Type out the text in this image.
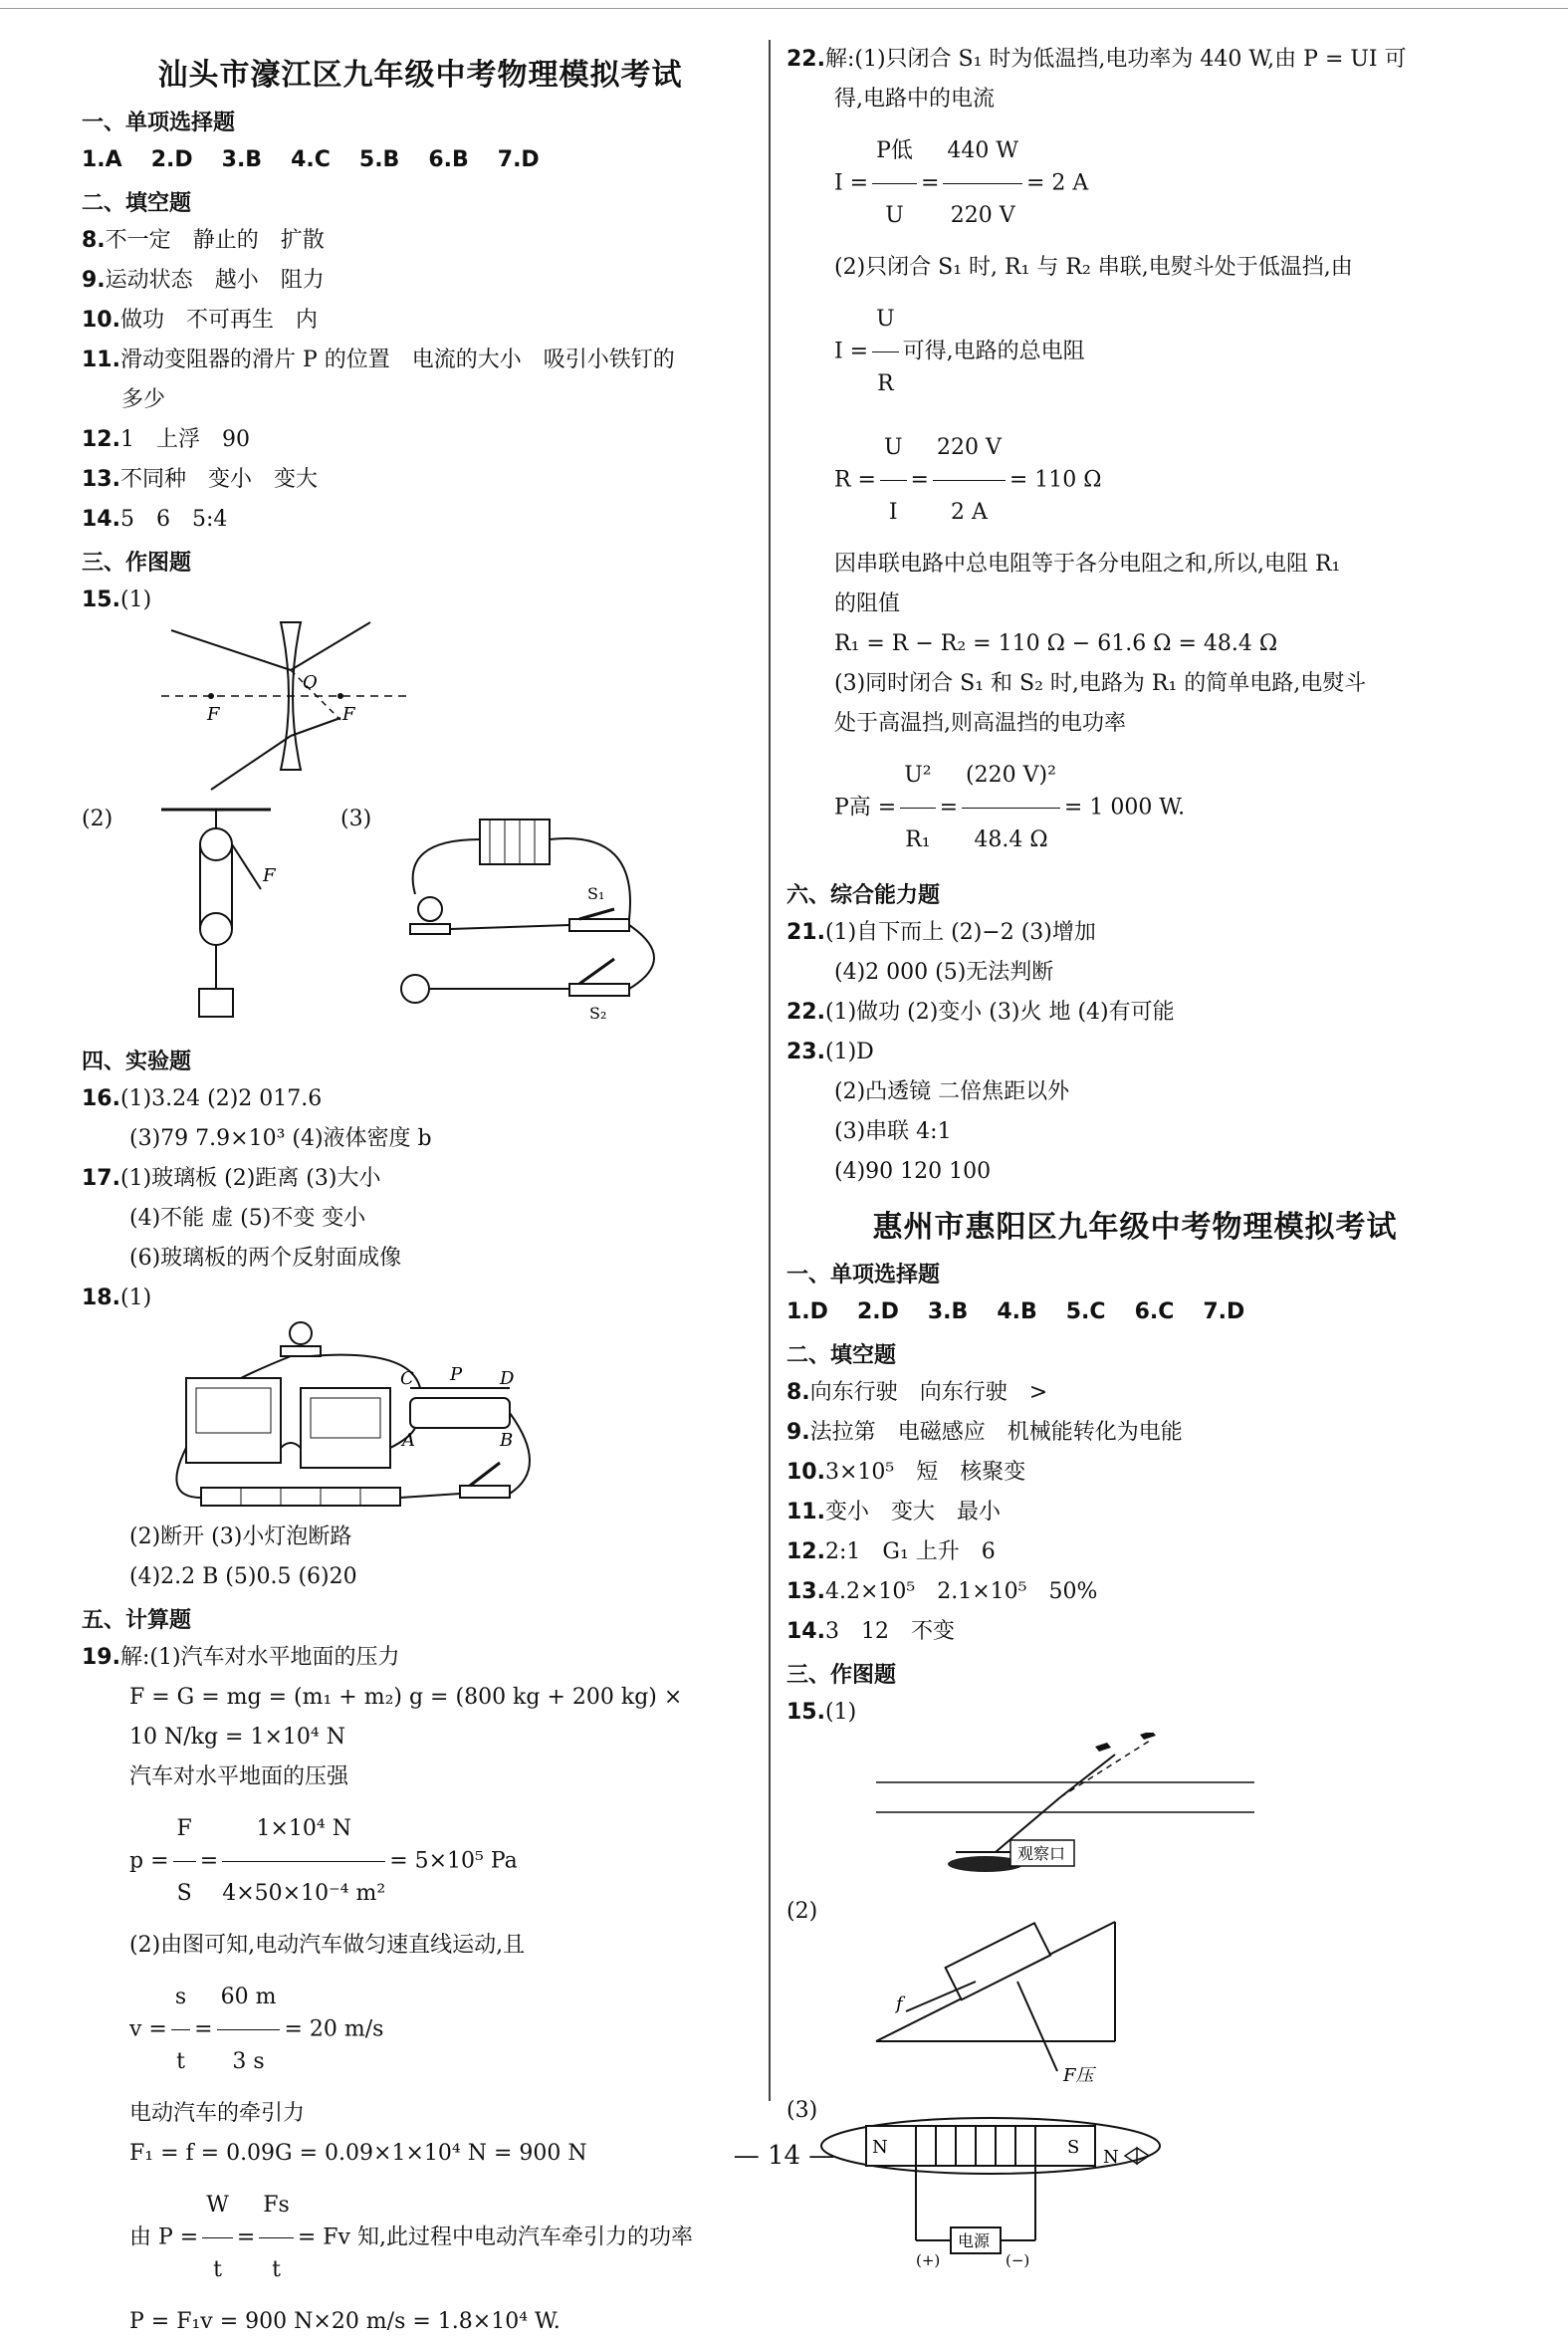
汕头市濠江区九年级中考物理模拟考试
一、单项选择题
1.A 2.D 3.B 4.C 5.B 6.B 7.D
二、填空题
8.不一定 静止的 扩散
9.运动状态 越小 阻力
10.做功 不可再生 内
11.滑动变阻器的滑片 P 的位置 电流的大小 吸引小铁钉的
多少
12.1 上浮 90
13.不同种 变小 变大
14.5 6 5:4
三、作图题
15.(1)
F	F
O
(2)	(3)
F
S₁
S₂
四、实验题
16.(1)3.24 (2)2 017.6
(3)79 7.9×10³ (4)液体密度 b
17.(1)玻璃板 (2)距离 (3)大小
(4)不能 虚 (5)不变 变小
(6)玻璃板的两个反射面成像
18.(1)
C P D
A	B
(2)断开 (3)小灯泡断路
(4)2.2 B (5)0.5 (6)20
五、计算题
19.解:(1)汽车对水平地面的压力
F = G = mg = (m₁ + m₂) g = (800 kg + 200 kg) ×
10 N/kg = 1×10⁴ N
汽车对水平地面的压强
$p = \frac{F}{S} = \frac{\text{1×10⁴ N}}{\text{4×50×10⁻⁴ m²}} = 5\times 10^5$ Pa
(2)由图可知,电动汽车做匀速直线运动,且
$v = \frac{s}{t} = \frac{60 m}{3 s} = 20$ m/s
电动汽车的牵引力
F₁ = f = 0.09G = 0.09×1×10⁴ N = 900 N
由 $P = \frac{W}{t} = \frac{Fs}{t} = Fv$ 知,此过程中电动汽车牵引力的功率
P = F₁v = 900 N×20 m/s = 1.8×10⁴ W.
22.解:(1)只闭合 S₁ 时为低温挡,电功率为 440 W,由 P = UI 可
得,电路中的电流
$I = \frac{\text{P低}}{U} = \frac{440 W}{220 V} = 2$ A
(2)只闭合 S₁ 时, R₁ 与 R₂ 串联,电熨斗处于低温挡,由
$I = \frac{U}{R}$ 可得,电路的总电阻
$R = \frac{U}{I} = \frac{220 V}{2 A} = 110$ Ω
因串联电路中总电阻等于各分电阻之和,所以,电阻 R₁
的阻值
R₁ = R − R₂ = 110 Ω − 61.6 Ω = 48.4 Ω
(3)同时闭合 S₁ 和 S₂ 时,电路为 R₁ 的简单电路,电熨斗
处于高温挡,则高温挡的电功率
P高 = $\frac{\text{U²}}{\text{R₁}} = \frac{\text{(220 V)²}}{48.4 \Omega} = 1$ 000 W.
六、综合能力题
21.(1)自下而上 (2)−2 (3)增加
(4)2 000 (5)无法判断
22.(1)做功 (2)变小 (3)火 地 (4)有可能
23.(1)D
(2)凸透镜 二倍焦距以外
(3)串联 4:1
(4)90 120 100
惠州市惠阳区九年级中考物理模拟考试
一、单项选择题
1.D 2.D 3.B 4.B 5.C 6.C 7.D
二、填空题
8.向东行驶 向东行驶 >
9.法拉第 电磁感应 机械能转化为电能
10.3×10⁵ 短 核聚变
11.变小 变大 最小
12.2:1 G₁ 上升 6
13.4.2×10⁵ 2.1×10⁵ 50%
14.3 12 不变
三、作图题
15.(1)
观察口
(2)
f
F压
(3)
N	S N
电源
(+)	(−)
— 14 —
